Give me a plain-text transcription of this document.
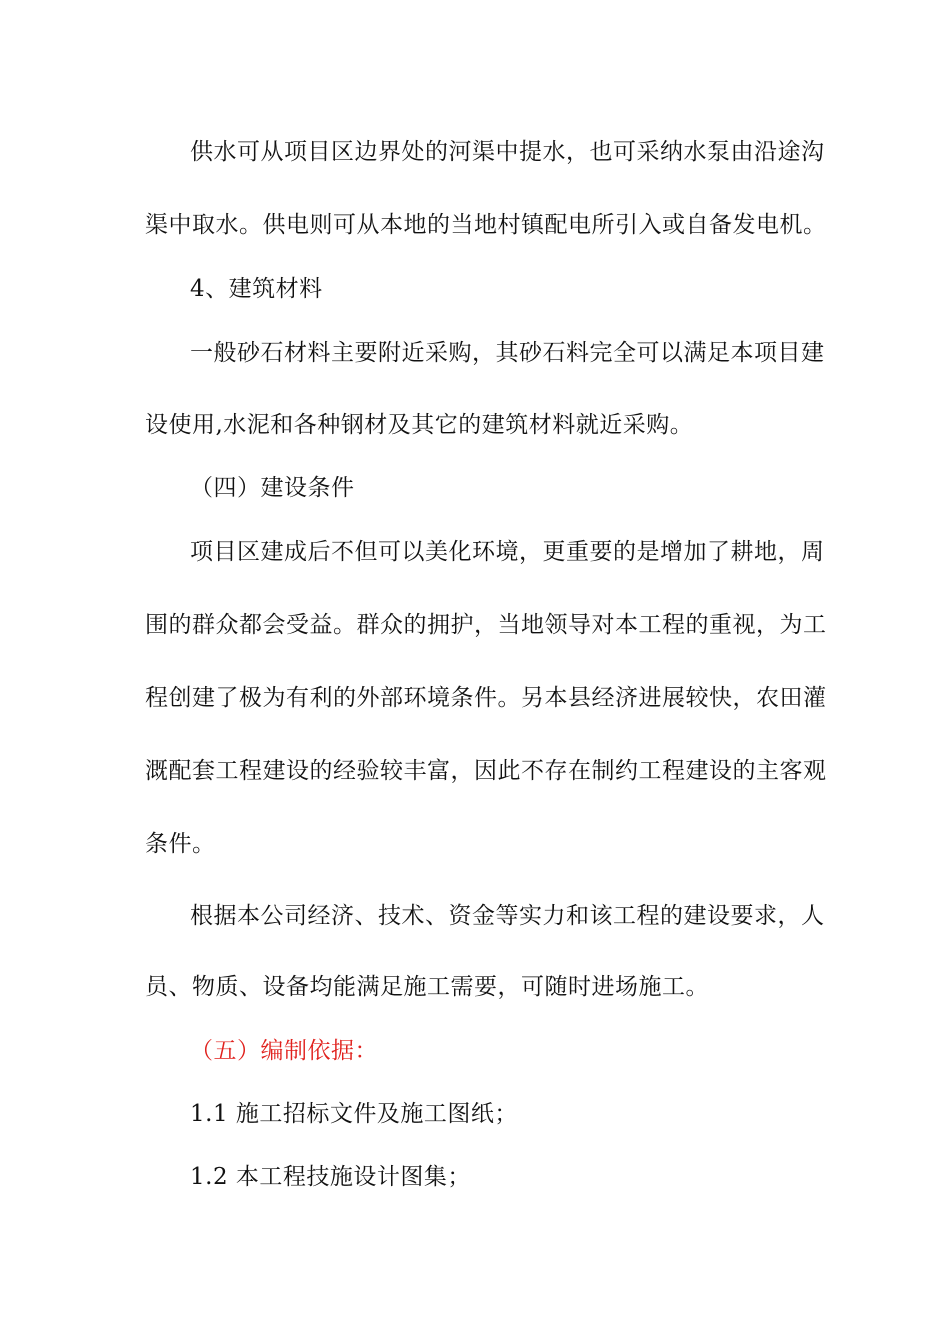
供水可从项目区边界处的河渠中提水，也可采纳水泵由沿途沟
渠中取水。供电则可从本地的当地村镇配电所引入或自备发电机。
4、建筑材料
一般砂石材料主要附近采购，其砂石料完全可以满足本项目建
设使用,水泥和各种钢材及其它的建筑材料就近采购。
（四）建设条件
项目区建成后不但可以美化环境，更重要的是增加了耕地，周
围的群众都会受益。群众的拥护，当地领导对本工程的重视，为工
程创建了极为有利的外部环境条件。另本县经济进展较快，农田灌
溉配套工程建设的经验较丰富，因此不存在制约工程建设的主客观
条件。
根据本公司经济、技术、资金等实力和该工程的建设要求，人
员、物质、设备均能满足施工需要，可随时进场施工。
（五）编制依据：
1.1 施工招标文件及施工图纸；
1.2 本工程技施设计图集；
